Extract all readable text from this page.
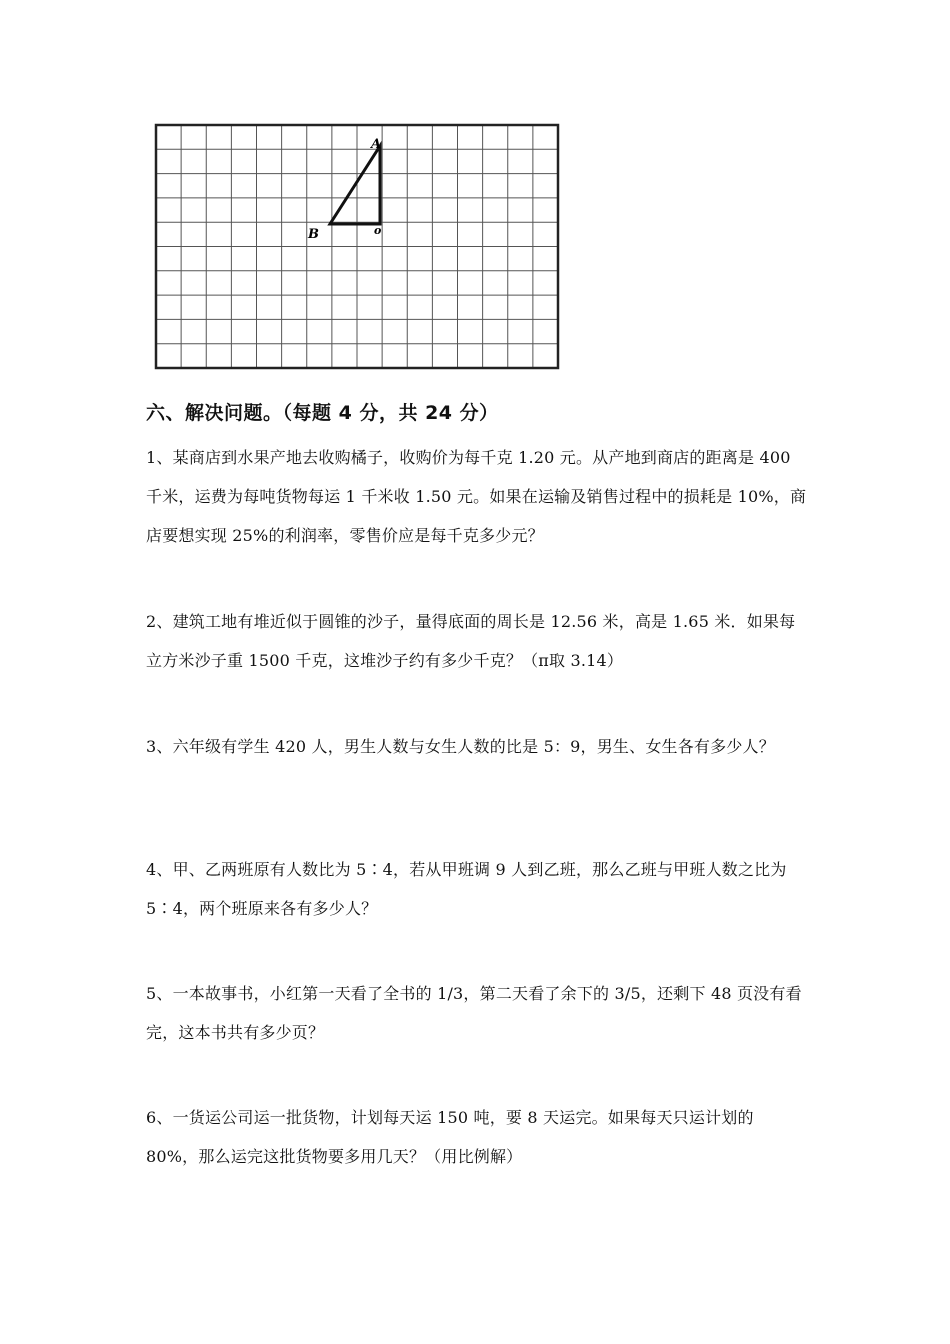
A
B	o
六、解决问题。（每题 4 分，共 24 分）

1、某商店到水果产地去收购橘子，收购价为每千克 1.20 元。从产地到商店的距离是 400 千米，运费为每吨货物每运 1 千米收 1.50 元。如果在运输及销售过程中的损耗是 10%，商店要想实现 25%的利润率，零售价应是每千克多少元？

2、建筑工地有堆近似于圆锥的沙子，量得底面的周长是 12.56 米，高是 1.65 米．如果每立方米沙子重 1500 千克，这堆沙子约有多少千克？（π取 3.14）

3、六年级有学生 420 人，男生人数与女生人数的比是 5：9，男生、女生各有多少人？

4、甲、乙两班原有人数比为 5∶4，若从甲班调 9 人到乙班，那么乙班与甲班人数之比为 5∶4，两个班原来各有多少人？

5、一本故事书，小红第一天看了全书的 1/3，第二天看了余下的 3/5，还剩下 48 页没有看完，这本书共有多少页？

6、一货运公司运一批货物，计划每天运 150 吨，要 8 天运完。如果每天只运计划的 80%，那么运完这批货物要多用几天？（用比例解）
